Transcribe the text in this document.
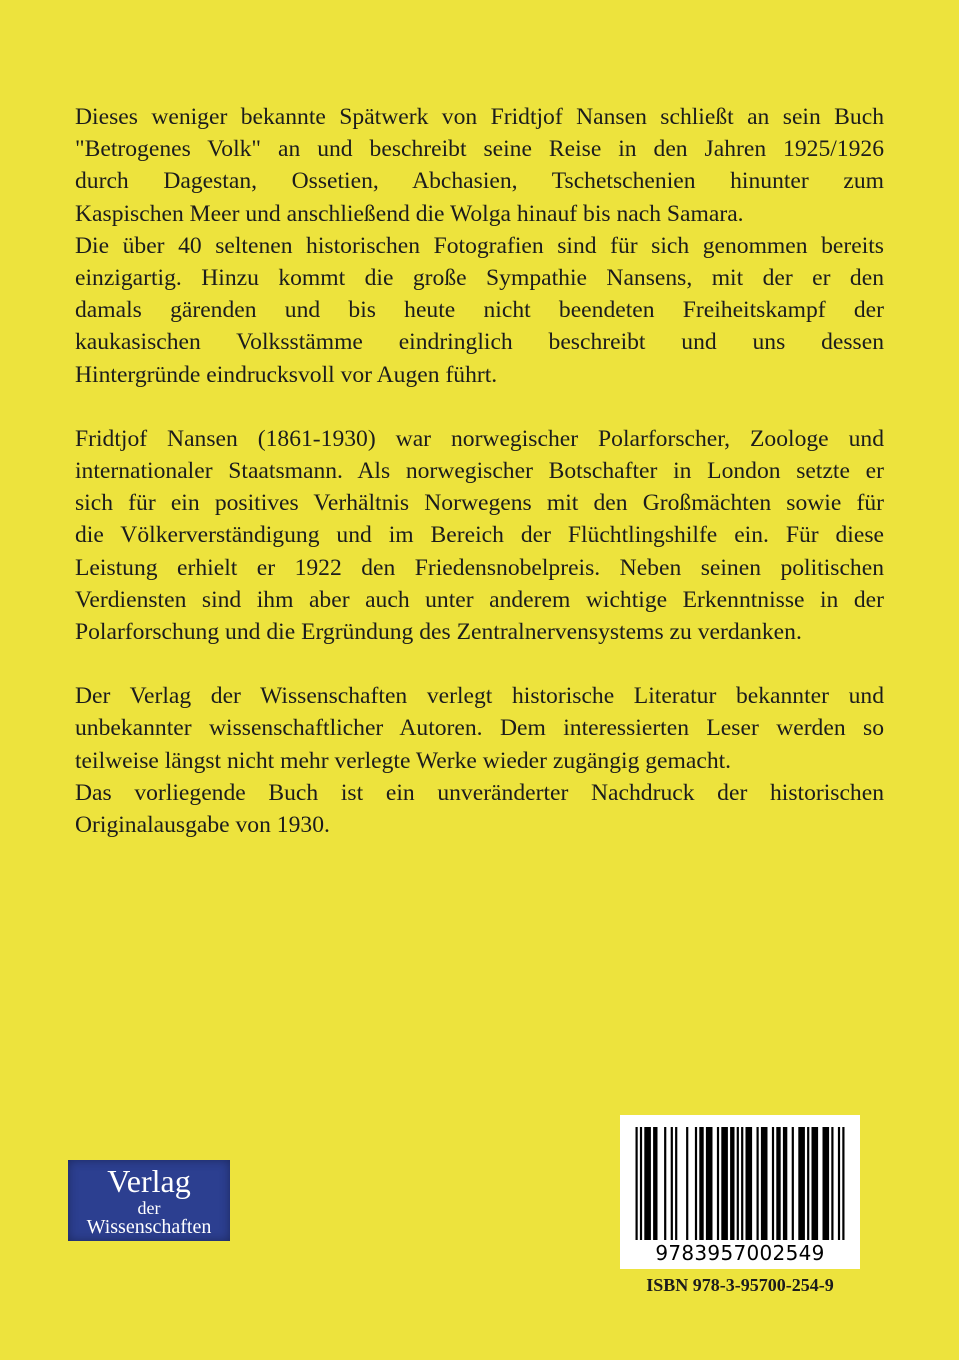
Dieses weniger bekannte Spätwerk von Fridtjof Nansen schließt an sein Buch

"Betrogenes Volk" an und beschreibt seine Reise in den Jahren 1925/1926

durch Dagestan, Ossetien, Abchasien, Tschetschenien hinunter zum

Kaspischen Meer und anschließend die Wolga hinauf bis nach Samara.

Die über 40 seltenen historischen Fotografien sind für sich genommen bereits

einzigartig. Hinzu kommt die große Sympathie Nansens, mit der er den

damals gärenden und bis heute nicht beendeten Freiheitskampf der

kaukasischen Volksstämme eindringlich beschreibt und uns dessen

Hintergründe eindrucksvoll vor Augen führt.

Fridtjof Nansen (1861-1930) war norwegischer Polarforscher, Zoologe und

internationaler Staatsmann. Als norwegischer Botschafter in London setzte er

sich für ein positives Verhältnis Norwegens mit den Großmächten sowie für

die Völkerverständigung und im Bereich der Flüchtlingshilfe ein. Für diese

Leistung erhielt er 1922 den Friedensnobelpreis. Neben seinen politischen

Verdiensten sind ihm aber auch unter anderem wichtige Erkenntnisse in der

Polarforschung und die Ergründung des Zentralnervensystems zu verdanken.

Der Verlag der Wissenschaften verlegt historische Literatur bekannter und

unbekannter wissenschaftlicher Autoren. Dem interessierten Leser werden so

teilweise längst nicht mehr verlegte Werke wieder zugängig gemacht.

Das vorliegende Buch ist ein unveränderter Nachdruck der historischen

Originalausgabe von 1930.

Verlag
der
Wissenschaften
9783957002549
ISBN 978-3-95700-254-9
